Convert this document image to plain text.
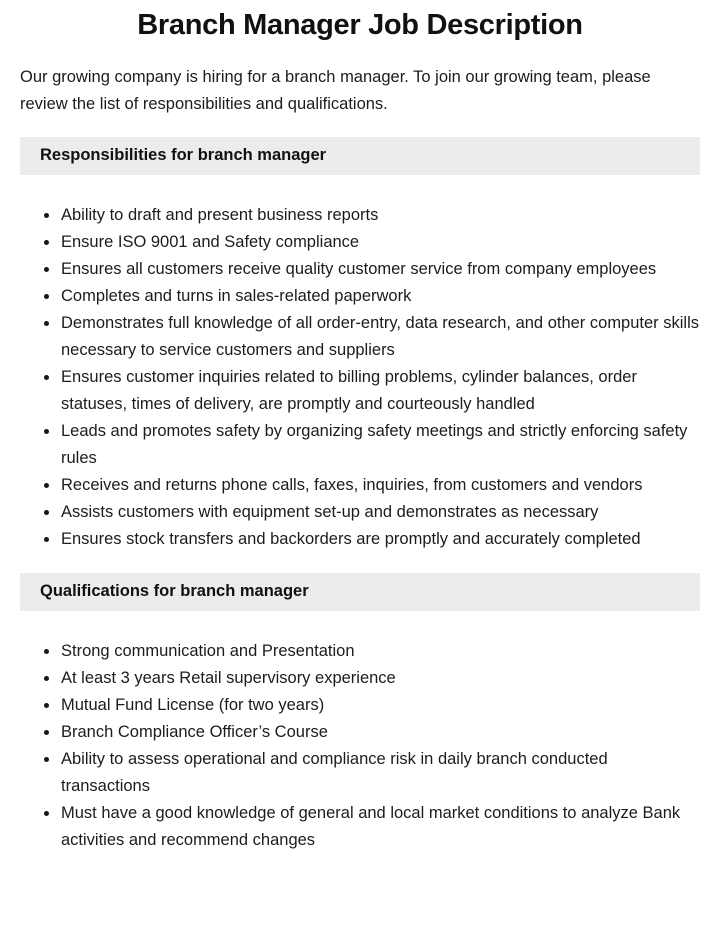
Branch Manager Job Description

Our growing company is hiring for a branch manager. To join our growing team, please review the list of responsibilities and qualifications.

Responsibilities for branch manager
Ability to draft and present business reports
Ensure ISO 9001 and Safety compliance
Ensures all customers receive quality customer service from company employees
Completes and turns in sales-related paperwork
Demonstrates full knowledge of all order-entry, data research, and other computer skills necessary to service customers and suppliers
Ensures customer inquiries related to billing problems, cylinder balances, order statuses, times of delivery, are promptly and courteously handled
Leads and promotes safety by organizing safety meetings and strictly enforcing safety rules
Receives and returns phone calls, faxes, inquiries, from customers and vendors
Assists customers with equipment set-up and demonstrates as necessary
Ensures stock transfers and backorders are promptly and accurately completed
Qualifications for branch manager
Strong communication and Presentation
At least 3 years Retail supervisory experience
Mutual Fund License (for two years)
Branch Compliance Officer’s Course
Ability to assess operational and compliance risk in daily branch conducted transactions
Must have a good knowledge of general and local market conditions to analyze Bank activities and recommend changes
